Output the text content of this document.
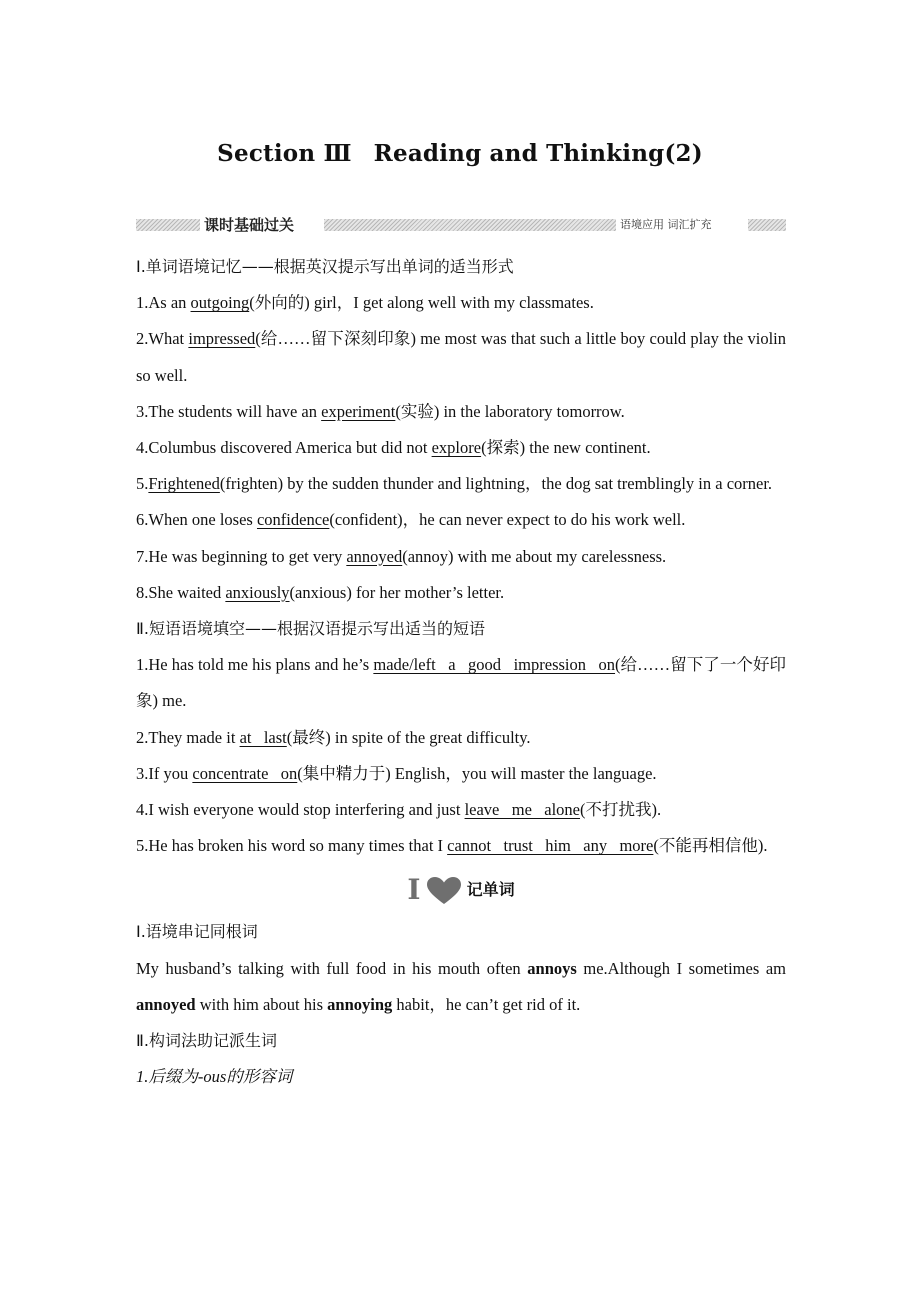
Section Ⅲ Reading and Thinking(2)
课时基础过关	语境应用 词汇扩充

Ⅰ.单词语境记忆——根据英汉提示写出单词的适当形式

1.As an outgoing(外向的) girl，I get along well with my classmates.

2.What impressed(给……留下深刻印象) me most was that such a little boy could play the violin so well.

3.The students will have an experiment(实验) in the laboratory tomorrow.

4.Columbus discovered America but did not explore(探索) the new continent.

5.Frightened(frighten) by the sudden thunder and lightning，the dog sat tremblingly in a corner.

6.When one loses confidence(confident)，he can never expect to do his work well.

7.He was beginning to get very annoyed(annoy) with me about my carelessness.

8.She waited anxiously(anxious) for her mother’s letter.

Ⅱ.短语语境填空——根据汉语提示写出适当的短语

1.He has told me his plans and he’s made/left   a   good   impression   on(给……留下了一个好印象) me.

2.They made it at   last(最终) in spite of the great difficulty.

3.If you concentrate   on(集中精力于) English，you will master the language.

4.I wish everyone would stop interfering and just leave   me   alone(不打扰我).

5.He has broken his word so many times that I cannot   trust   him   any   more(不能再相信他).

I	记单词

Ⅰ.语境串记同根词

My husband’s talking with full food in his mouth often annoys me.Although I sometimes am annoyed with him about his annoying habit，he can’t get rid of it.

Ⅱ.构词法助记派生词

1.后缀为-ous的形容词
